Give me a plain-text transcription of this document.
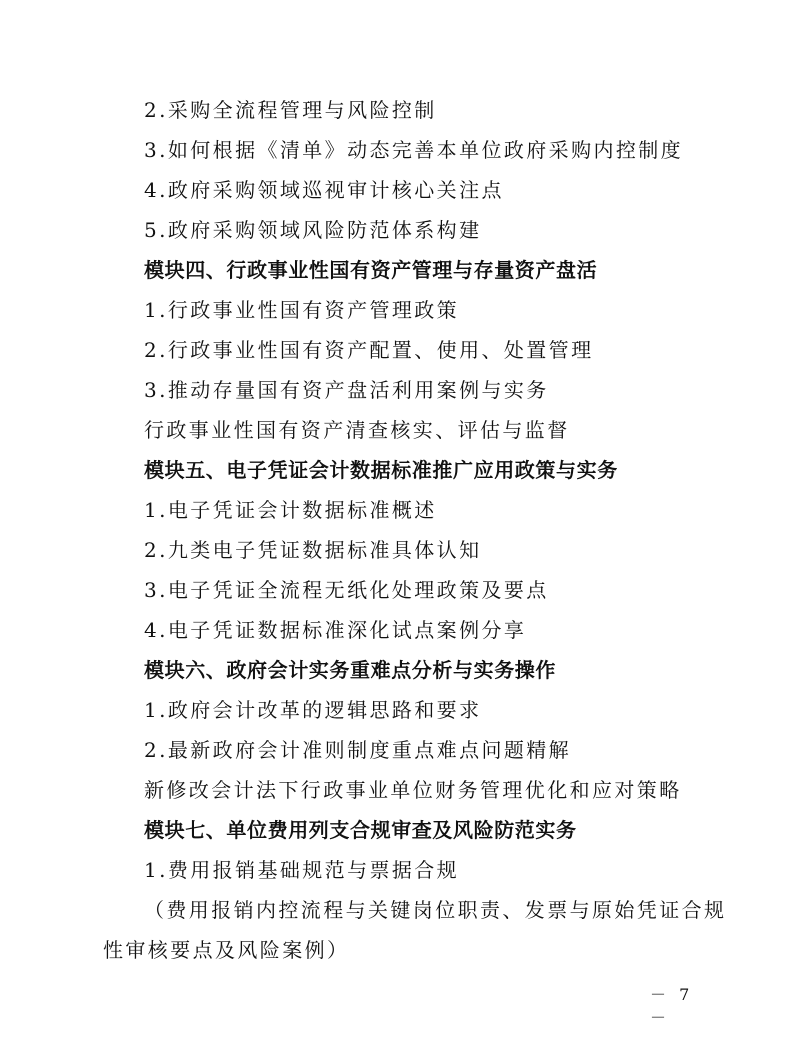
2.采购全流程管理与风险控制
3.如何根据《清单》动态完善本单位政府采购内控制度
4.政府采购领域巡视审计核心关注点
5.政府采购领域风险防范体系构建
模块四、行政事业性国有资产管理与存量资产盘活
1.行政事业性国有资产管理政策
2.行政事业性国有资产配置、使用、处置管理
3.推动存量国有资产盘活利用案例与实务
行政事业性国有资产清查核实、评估与监督
模块五、电子凭证会计数据标准推广应用政策与实务
1.电子凭证会计数据标准概述
2.九类电子凭证数据标准具体认知
3.电子凭证全流程无纸化处理政策及要点
4.电子凭证数据标准深化试点案例分享
模块六、政府会计实务重难点分析与实务操作
1.政府会计改革的逻辑思路和要求
2.最新政府会计准则制度重点难点问题精解
新修改会计法下行政事业单位财务管理优化和应对策略
模块七、单位费用列支合规审查及风险防范实务
1.费用报销基础规范与票据合规
（费用报销内控流程与关键岗位职责、发票与原始凭证合规
性审核要点及风险案例）
－ 7 －
